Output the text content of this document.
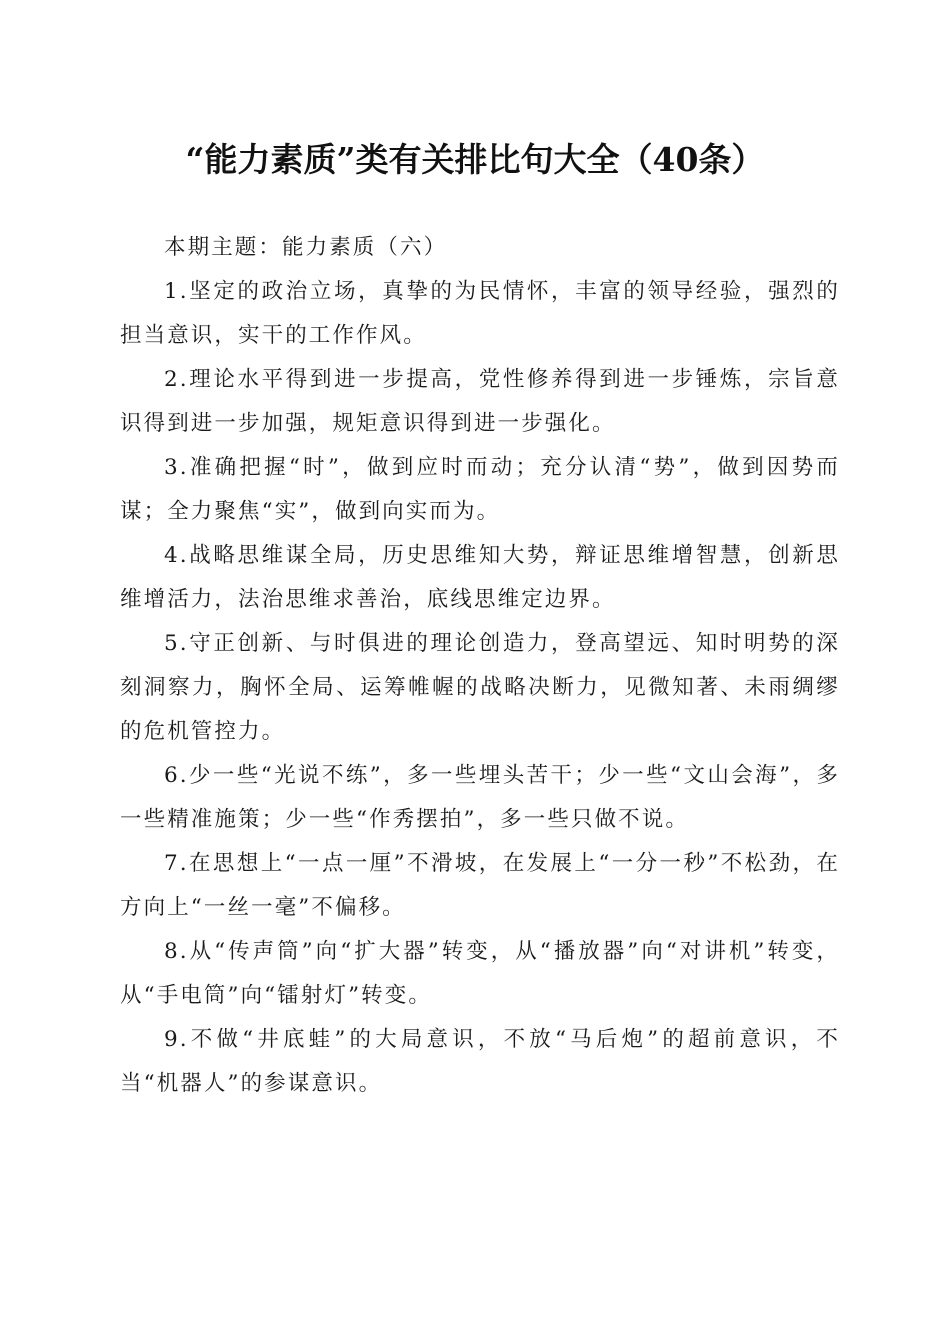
“能力素质”类有关排比句大全（40条）

本期主题：能力素质（六）

1.坚定的政治立场，真挚的为民情怀，丰富的领导经验，强烈的担当意识，实干的工作作风。

2.理论水平得到进一步提高，党性修养得到进一步锤炼，宗旨意识得到进一步加强，规矩意识得到进一步强化。

3.准确把握“时”，做到应时而动；充分认清“势”，做到因势而谋；全力聚焦“实”，做到向实而为。

4.战略思维谋全局，历史思维知大势，辩证思维增智慧，创新思维增活力，法治思维求善治，底线思维定边界。

5.守正创新、与时俱进的理论创造力，登高望远、知时明势的深刻洞察力，胸怀全局、运筹帷幄的战略决断力，见微知著、未雨绸缪的危机管控力。

6.少一些“光说不练”，多一些埋头苦干；少一些“文山会海”，多一些精准施策；少一些“作秀摆拍”，多一些只做不说。

7.在思想上“一点一厘”不滑坡，在发展上“一分一秒”不松劲，在方向上“一丝一毫”不偏移。

8.从“传声筒”向“扩大器”转变，从“播放器”向“对讲机”转变，从“手电筒”向“镭射灯”转变。

9.不做“井底蛙”的大局意识，不放“马后炮”的超前意识，不当“机器人”的参谋意识。
